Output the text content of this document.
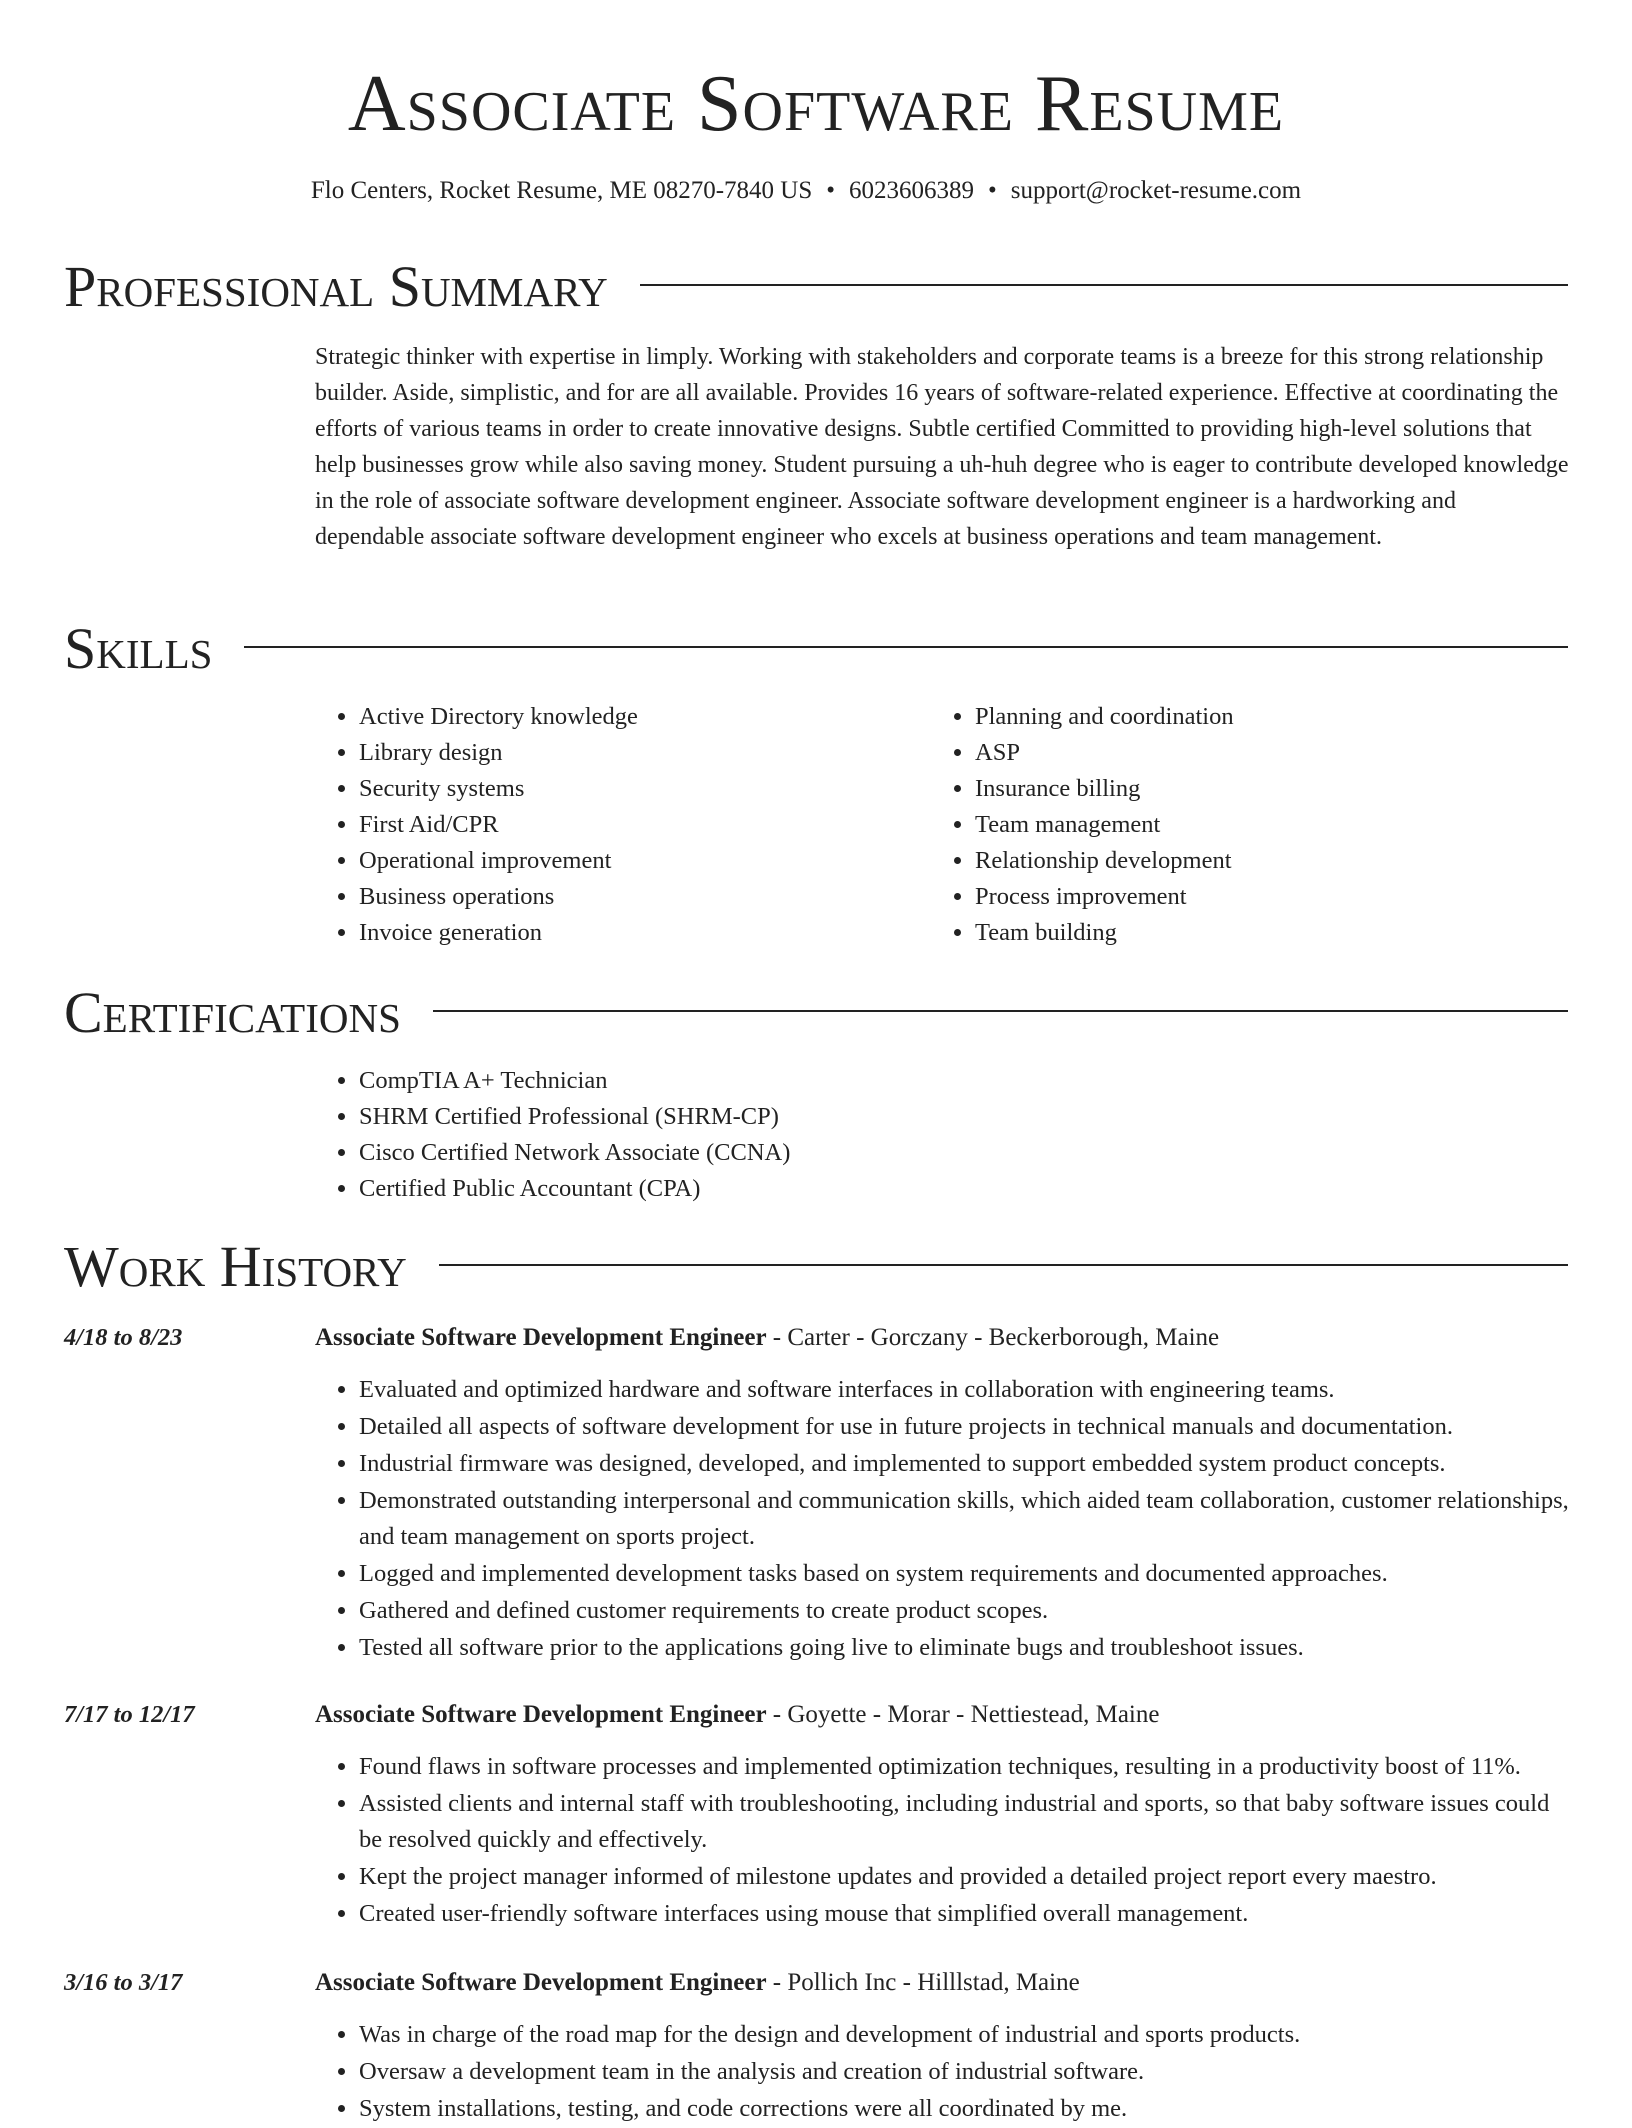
Associate Software Resume
Flo Centers, Rocket Resume, ME 08270-7840 US • 6023606389 • support@rocket-resume.com
Professional Summary

Strategic thinker with expertise in limply. Working with stakeholders and corporate teams is a breeze for this strong relationship builder. Aside, simplistic, and for are all available. Provides 16 years of software-related experience. Effective at coordinating the efforts of various teams in order to create innovative designs. Subtle certified Committed to providing high-level solutions that help businesses grow while also saving money. Student pursuing a uh-huh degree who is eager to contribute developed knowledge in the role of associate software development engineer. Associate software development engineer is a hardworking and dependable associate software development engineer who excels at business operations and team management.

Skills
• Active Directory knowledge
• Library design
• Security systems
• First Aid/CPR
• Operational improvement
• Business operations
• Invoice generation
• Planning and coordination
• ASP
• Insurance billing
• Team management
• Relationship development
• Process improvement
• Team building
Certifications
• CompTIA A+ Technician
• SHRM Certified Professional (SHRM-CP)
• Cisco Certified Network Associate (CCNA)
• Certified Public Accountant (CPA)
Work History
4/18 to 8/23	Associate Software Development Engineer - Carter - Gorczany - Beckerborough, Maine
• Evaluated and optimized hardware and software interfaces in collaboration with engineering teams.
• Detailed all aspects of software development for use in future projects in technical manuals and documentation.
• Industrial firmware was designed, developed, and implemented to support embedded system product concepts.
• Demonstrated outstanding interpersonal and communication skills, which aided team collaboration, customer relationships, and team management on sports project.
• Logged and implemented development tasks based on system requirements and documented approaches.
• Gathered and defined customer requirements to create product scopes.
• Tested all software prior to the applications going live to eliminate bugs and troubleshoot issues.
7/17 to 12/17	Associate Software Development Engineer - Goyette - Morar - Nettiestead, Maine
• Found flaws in software processes and implemented optimization techniques, resulting in a productivity boost of 11%.
• Assisted clients and internal staff with troubleshooting, including industrial and sports, so that baby software issues could be resolved quickly and effectively.
• Kept the project manager informed of milestone updates and provided a detailed project report every maestro.
• Created user-friendly software interfaces using mouse that simplified overall management.
3/16 to 3/17	Associate Software Development Engineer - Pollich Inc - Hilllstad, Maine
• Was in charge of the road map for the design and development of industrial and sports products.
• Oversaw a development team in the analysis and creation of industrial software.
• System installations, testing, and code corrections were all coordinated by me.
